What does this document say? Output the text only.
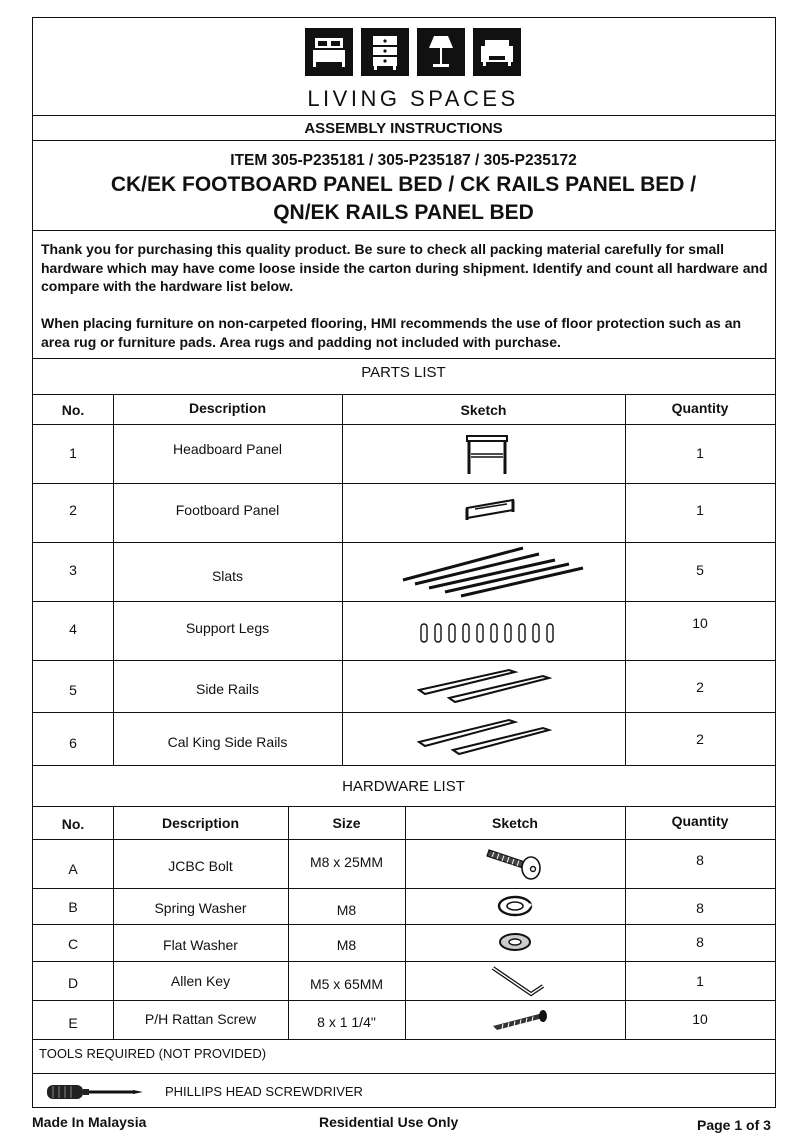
LIVING SPACES
ASSEMBLY INSTRUCTIONS
ITEM 305-P235181 / 305-P235187 / 305-P235172
CK/EK FOOTBOARD PANEL BED / CK RAILS PANEL BED /
QN/EK RAILS PANEL BED
Thank you for purchasing this quality product. Be sure to check all packing material carefully for small hardware which may have come loose inside the carton during shipment. Identify and count all hardware and compare with the hardware list below.
When placing furniture on non-carpeted flooring, HMI recommends the use of floor protection such as an area rug or furniture pads. Area rugs and padding not included with purchase.
PARTS LIST
No.	Description	Sketch	Quantity
1	Headboard Panel	1
2	Footboard Panel	1
3	Slats	5
4	Support Legs	10
5	Side Rails	2
6	Cal King Side Rails	2
HARDWARE LIST
No.	Description	Size	Sketch	Quantity
A	JCBC Bolt	M8 x 25MM	8
B	Spring Washer	M8	8
C	Flat Washer	M8	8
D	Allen Key	M5 x 65MM	1
E	P/H Rattan Screw	8 x 1 1/4"	10
TOOLS REQUIRED (NOT PROVIDED)
PHILLIPS HEAD SCREWDRIVER
Made In Malaysia	Residential Use Only	Page 1 of 3
